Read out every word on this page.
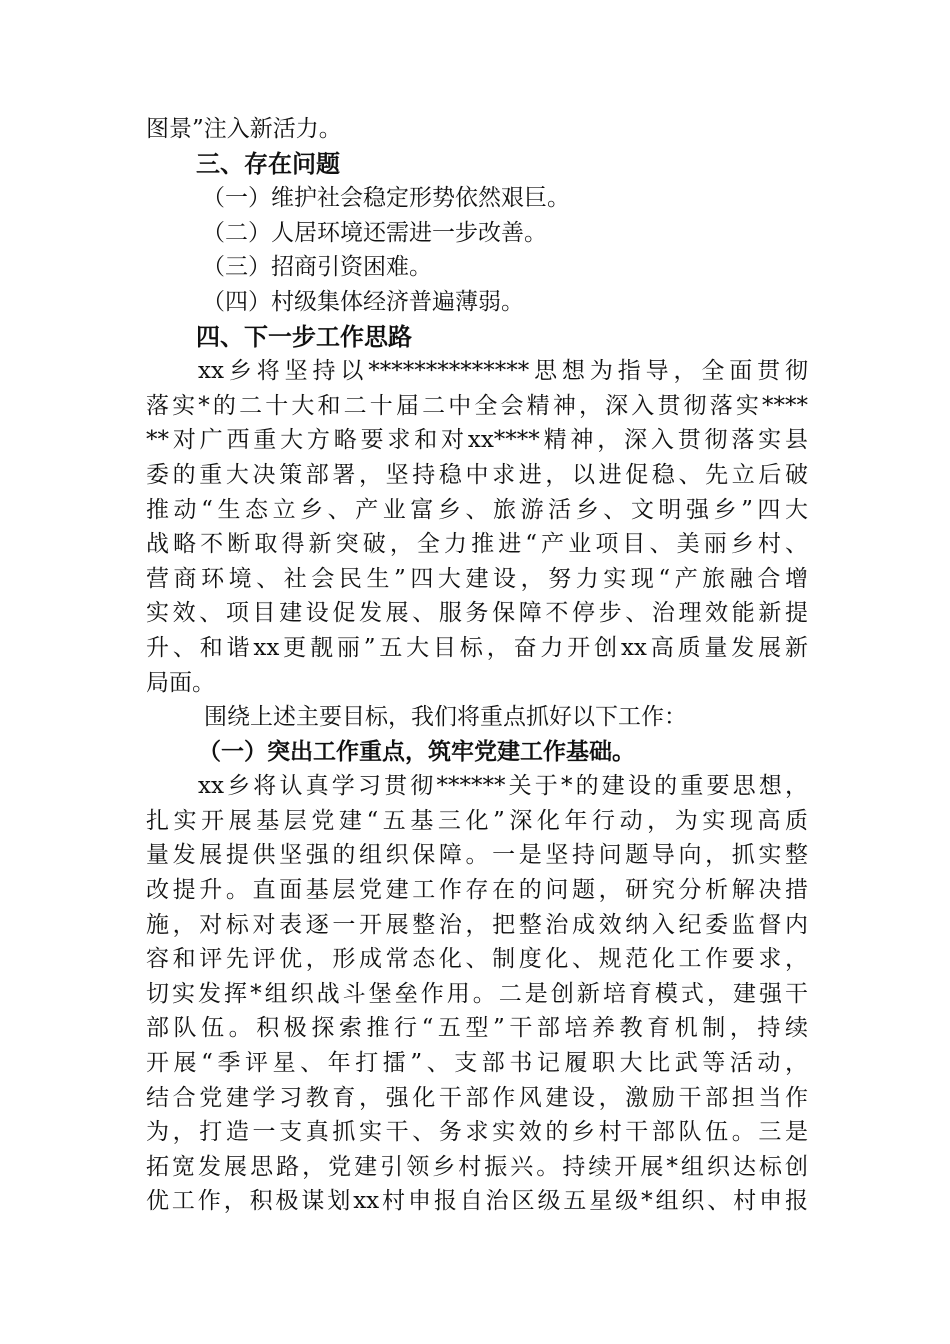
图景”注入新活力。
三、存在问题
（一）维护社会稳定形势依然艰巨。
（二）人居环境还需进一步改善。
（三）招商引资困难。
（四）村级集体经济普遍薄弱。
四、下一步工作思路
xx乡将坚持以**************思想为指导，全面贯彻
落实*的二十大和二十届二中全会精神，深入贯彻落实****
**对广西重大方略要求和对xx****精神，深入贯彻落实县
委的重大决策部署，坚持稳中求进，以进促稳、先立后破
推动“生态立乡、产业富乡、旅游活乡、文明强乡”四大
战略不断取得新突破，全力推进“产业项目、美丽乡村、
营商环境、社会民生”四大建设，努力实现“产旅融合增
实效、项目建设促发展、服务保障不停步、治理效能新提
升、和谐xx更靓丽”五大目标，奋力开创xx高质量发展新
局面。
围绕上述主要目标，我们将重点抓好以下工作：
（一）突出工作重点，筑牢党建工作基础。
xx乡将认真学习贯彻******关于*的建设的重要思想，
扎实开展基层党建“五基三化”深化年行动，为实现高质
量发展提供坚强的组织保障。一是坚持问题导向，抓实整
改提升。直面基层党建工作存在的问题，研究分析解决措
施，对标对表逐一开展整治，把整治成效纳入纪委监督内
容和评先评优，形成常态化、制度化、规范化工作要求，
切实发挥*组织战斗堡垒作用。二是创新培育模式，建强干
部队伍。积极探索推行“五型”干部培养教育机制，持续
开展“季评星、年打擂”、支部书记履职大比武等活动，
结合党建学习教育，强化干部作风建设，激励干部担当作
为，打造一支真抓实干、务求实效的乡村干部队伍。三是
拓宽发展思路，党建引领乡村振兴。持续开展*组织达标创
优工作，积极谋划xx村申报自治区级五星级*组织、村申报
